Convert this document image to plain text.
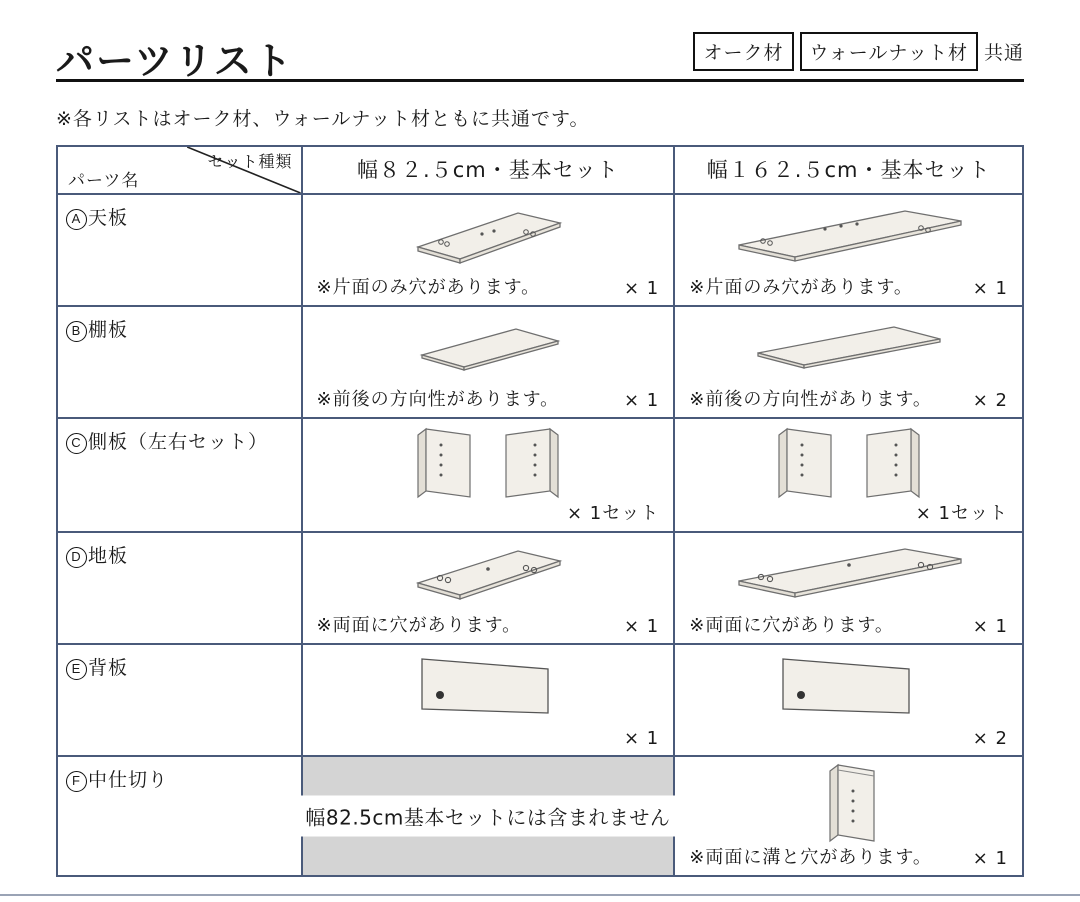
パーツリスト	オーク材	ウォールナット材 共通
※各リストはオーク材、ウォールナット材ともに共通です。
セット種類
パーツ名	幅８２.５cm・基本セット	幅１６２.５cm・基本セット

A 天板	※片面のみ穴があります。 × 1	※片面のみ穴があります。 × 1

B 棚板	※前後の方向性があります。 × 1	※前後の方向性があります。 × 2

C 側板（左右セット）	× 1セット	× 1セット

D 地板	※両面に穴があります。 × 1	※両面に穴があります。 × 1

E 背板	× 1	× 2

F 中仕切り	幅82.5cm基本セットには含まれません	※両面に溝と穴があります。 × 1
